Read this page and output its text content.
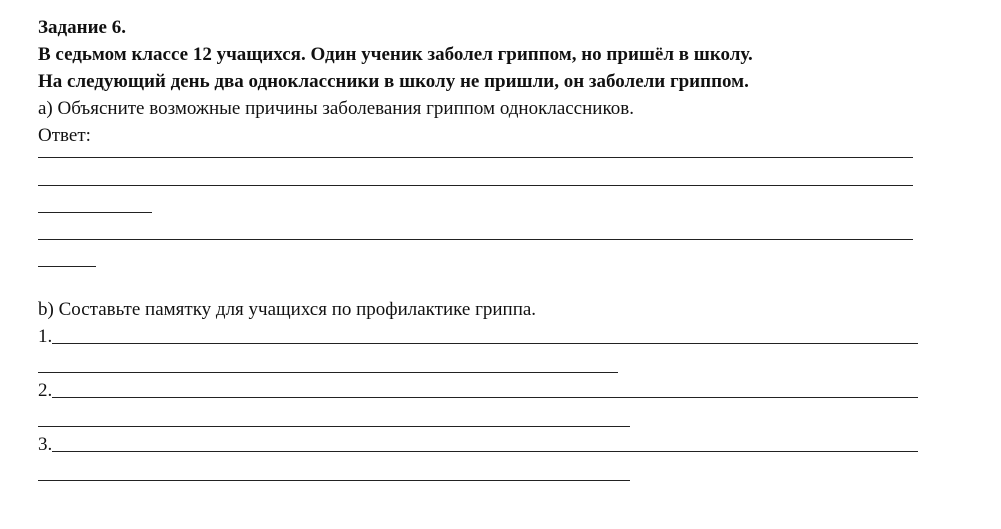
Задание 6.
В седьмом классе 12 учащихся. Один ученик заболел гриппом, но пришёл в школу.
На следующий день два одноклассники в школу не пришли, он заболели гриппом.
а) Объясните возможные причины заболевания гриппом одноклассников.
Ответ:
b) Составьте памятку для учащихся по профилактике гриппа.
1.
2.
3.
